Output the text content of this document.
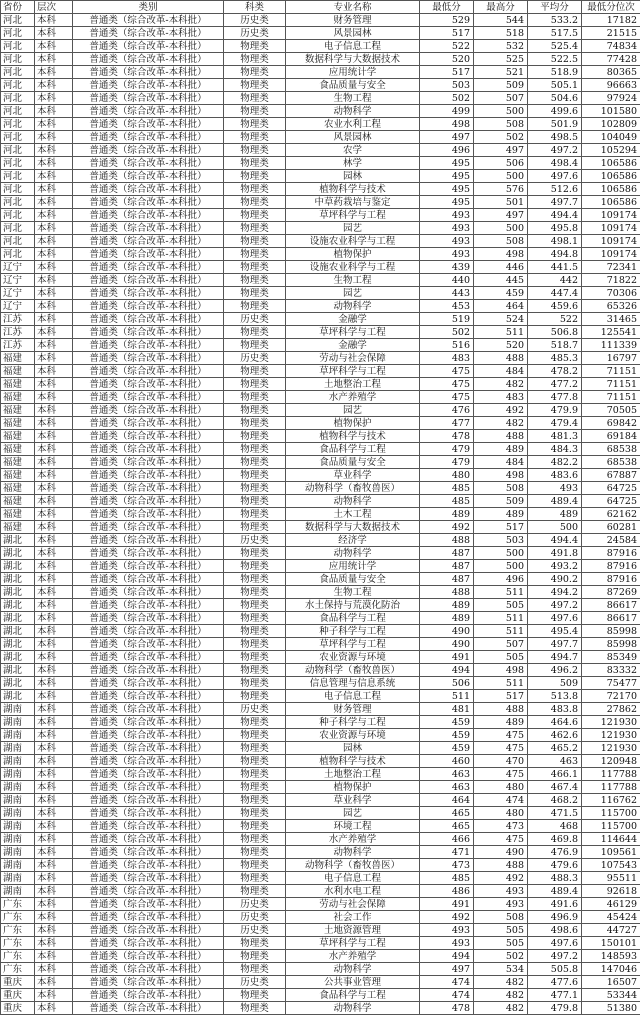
省份	层次	类别	科类	专业名称	最低分	最高分	平均分	最低分位次
河北	本科	普通类（综合改革-本科批）	历史类	财务管理	529	544	533.2	17182
河北	本科	普通类（综合改革-本科批）	历史类	风景园林	517	518	517.5	21515
河北	本科	普通类（综合改革-本科批）	物理类	电子信息工程	522	532	525.4	74834
河北	本科	普通类（综合改革-本科批）	物理类	数据科学与大数据技术	520	525	522.5	77428
河北	本科	普通类（综合改革-本科批）	物理类	应用统计学	517	521	518.9	80365
河北	本科	普通类（综合改革-本科批）	物理类	食品质量与安全	503	509	505.1	96663
河北	本科	普通类（综合改革-本科批）	物理类	生物工程	502	507	504.6	97924
河北	本科	普通类（综合改革-本科批）	物理类	动物科学	499	500	499.6	101580
河北	本科	普通类（综合改革-本科批）	物理类	农业水利工程	498	508	501.9	102809
河北	本科	普通类（综合改革-本科批）	物理类	风景园林	497	502	498.5	104049
河北	本科	普通类（综合改革-本科批）	物理类	农学	496	497	497.2	105294
河北	本科	普通类（综合改革-本科批）	物理类	林学	495	506	498.4	106586
河北	本科	普通类（综合改革-本科批）	物理类	园林	495	500	497.6	106586
河北	本科	普通类（综合改革-本科批）	物理类	植物科学与技术	495	576	512.6	106586
河北	本科	普通类（综合改革-本科批）	物理类	中草药栽培与鉴定	495	501	497.7	106586
河北	本科	普通类（综合改革-本科批）	物理类	草坪科学与工程	493	497	494.4	109174
河北	本科	普通类（综合改革-本科批）	物理类	园艺	493	500	495.8	109174
河北	本科	普通类（综合改革-本科批）	物理类	设施农业科学与工程	493	508	498.1	109174
河北	本科	普通类（综合改革-本科批）	物理类	植物保护	493	498	494.8	109174
辽宁	本科	普通类（综合改革-本科批）	物理类	设施农业科学与工程	439	446	441.5	72341
辽宁	本科	普通类（综合改革-本科批）	物理类	生物工程	440	445	442	71822
辽宁	本科	普通类（综合改革-本科批）	物理类	园艺	443	459	447.4	70306
辽宁	本科	普通类（综合改革-本科批）	物理类	动物科学	453	464	459.6	65326
江苏	本科	普通类（综合改革-本科批）	历史类	金融学	519	524	522	31465
江苏	本科	普通类（综合改革-本科批）	物理类	草坪科学与工程	502	511	506.8	125541
江苏	本科	普通类（综合改革-本科批）	物理类	金融学	516	520	518.7	111339
福建	本科	普通类（综合改革-本科批）	历史类	劳动与社会保障	483	488	485.3	16797
福建	本科	普通类（综合改革-本科批）	物理类	草坪科学与工程	475	484	478.2	71151
福建	本科	普通类（综合改革-本科批）	物理类	土地整治工程	475	482	477.2	71151
福建	本科	普通类（综合改革-本科批）	物理类	水产养殖学	475	483	477.8	71151
福建	本科	普通类（综合改革-本科批）	物理类	园艺	476	492	479.9	70505
福建	本科	普通类（综合改革-本科批）	物理类	植物保护	477	482	479.4	69842
福建	本科	普通类（综合改革-本科批）	物理类	植物科学与技术	478	488	481.3	69184
福建	本科	普通类（综合改革-本科批）	物理类	食品科学与工程	479	489	484.3	68538
福建	本科	普通类（综合改革-本科批）	物理类	食品质量与安全	479	484	482.2	68538
福建	本科	普通类（综合改革-本科批）	物理类	草业科学	480	498	483.6	67887
福建	本科	普通类（综合改革-本科批）	物理类	动物科学（畜牧兽医）	485	508	493	64725
福建	本科	普通类（综合改革-本科批）	物理类	动物科学	485	509	489.4	64725
福建	本科	普通类（综合改革-本科批）	物理类	土木工程	489	489	489	62162
福建	本科	普通类（综合改革-本科批）	物理类	数据科学与大数据技术	492	517	500	60281
湖北	本科	普通类（综合改革-本科批）	历史类	经济学	488	503	494.4	24584
湖北	本科	普通类（综合改革-本科批）	物理类	动物科学	487	500	491.8	87916
湖北	本科	普通类（综合改革-本科批）	物理类	应用统计学	487	500	493.2	87916
湖北	本科	普通类（综合改革-本科批）	物理类	食品质量与安全	487	496	490.2	87916
湖北	本科	普通类（综合改革-本科批）	物理类	生物工程	488	511	494.2	87269
湖北	本科	普通类（综合改革-本科批）	物理类	水土保持与荒漠化防治	489	505	497.2	86617
湖北	本科	普通类（综合改革-本科批）	物理类	食品科学与工程	489	511	497.6	86617
湖北	本科	普通类（综合改革-本科批）	物理类	种子科学与工程	490	511	495.4	85998
湖北	本科	普通类（综合改革-本科批）	物理类	草坪科学与工程	490	507	497.7	85998
湖北	本科	普通类（综合改革-本科批）	物理类	农业资源与环境	491	505	494.7	85349
湖北	本科	普通类（综合改革-本科批）	物理类	动物科学（畜牧兽医）	494	498	496.2	83332
湖北	本科	普通类（综合改革-本科批）	物理类	信息管理与信息系统	506	511	509	75477
湖北	本科	普通类（综合改革-本科批）	物理类	电子信息工程	511	517	513.8	72170
湖南	本科	普通类（综合改革-本科批）	历史类	财务管理	481	488	483.8	27862
湖南	本科	普通类（综合改革-本科批）	物理类	种子科学与工程	459	489	464.6	121930
湖南	本科	普通类（综合改革-本科批）	物理类	农业资源与环境	459	475	462.6	121930
湖南	本科	普通类（综合改革-本科批）	物理类	园林	459	475	465.2	121930
湖南	本科	普通类（综合改革-本科批）	物理类	植物科学与技术	460	470	463	120948
湖南	本科	普通类（综合改革-本科批）	物理类	土地整治工程	463	475	466.1	117788
湖南	本科	普通类（综合改革-本科批）	物理类	植物保护	463	480	467.4	117788
湖南	本科	普通类（综合改革-本科批）	物理类	草业科学	464	474	468.2	116762
湖南	本科	普通类（综合改革-本科批）	物理类	园艺	465	480	471.5	115700
湖南	本科	普通类（综合改革-本科批）	物理类	环境工程	465	473	468	115700
湖南	本科	普通类（综合改革-本科批）	物理类	水产养殖学	466	475	469.8	114644
湖南	本科	普通类（综合改革-本科批）	物理类	动物科学	471	490	476.9	109561
湖南	本科	普通类（综合改革-本科批）	物理类	动物科学（畜牧兽医）	473	488	479.6	107543
湖南	本科	普通类（综合改革-本科批）	物理类	电子信息工程	485	492	488.3	95511
湖南	本科	普通类（综合改革-本科批）	物理类	水利水电工程	486	493	489.4	92618
广东	本科	普通类（综合改革-本科批）	历史类	劳动与社会保障	491	493	491.6	46129
广东	本科	普通类（综合改革-本科批）	历史类	社会工作	492	508	496.9	45424
广东	本科	普通类（综合改革-本科批）	历史类	土地资源管理	493	505	498.6	44727
广东	本科	普通类（综合改革-本科批）	物理类	草坪科学与工程	493	505	497.6	150101
广东	本科	普通类（综合改革-本科批）	物理类	水产养殖学	494	502	497.2	148593
广东	本科	普通类（综合改革-本科批）	物理类	动物科学	497	534	505.8	147046
重庆	本科	普通类（综合改革-本科批）	历史类	公共事业管理	474	482	477.6	16507
重庆	本科	普通类（综合改革-本科批）	物理类	食品科学与工程	474	482	477.1	53344
重庆	本科	普通类（综合改革-本科批）	物理类	动物科学	478	482	479.8	51380
